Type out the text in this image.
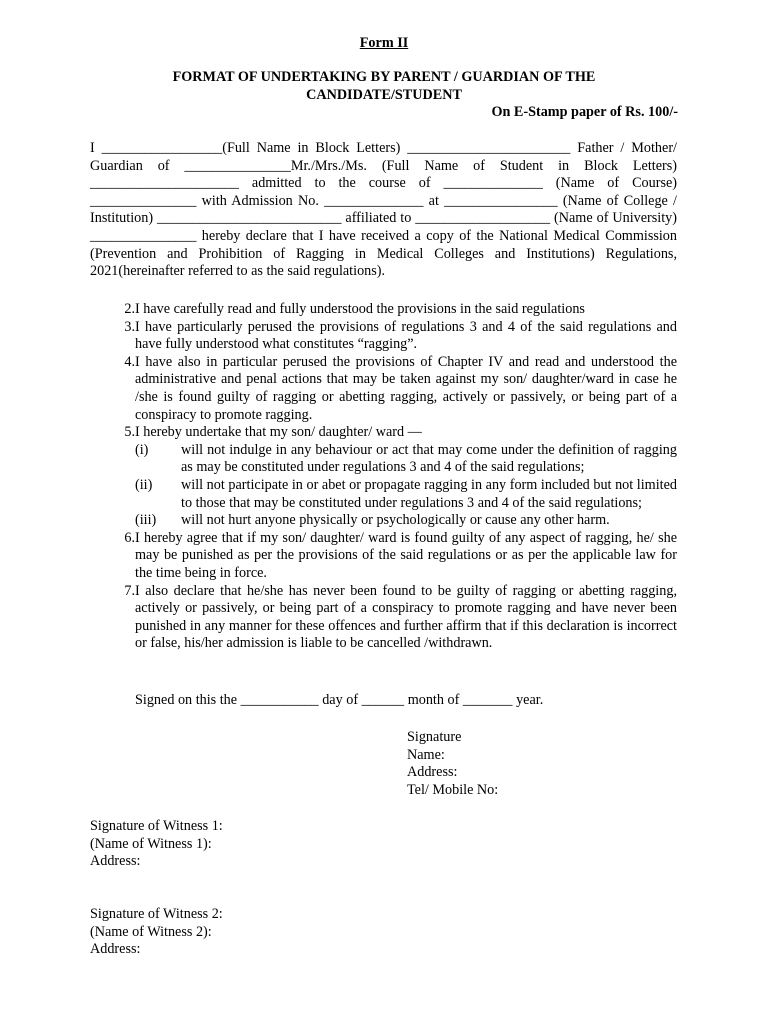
Form II
FORMAT OF UNDERTAKING BY PARENT / GUARDIAN OF THE
CANDIDATE/STUDENT
On E-Stamp paper of Rs. 100/-
I _________________(Full Name in Block Letters) _______________________ Father / Mother/ Guardian of _______________Mr./Mrs./Ms. (Full Name of Student in Block Letters) _____________________ admitted to the course of ______________ (Name of Course) _______________ with Admission No. ______________ at ________________ (Name of College / Institution) __________________________ affiliated to ___________________ (Name of University) _______________ hereby declare that I have received a copy of the National Medical Commission (Prevention and Prohibition of Ragging in Medical Colleges and Institutions) Regulations, 2021(hereinafter referred to as the said regulations).
2. I have carefully read and fully understood the provisions in the said regulations
3. I have particularly perused the provisions of regulations 3 and 4 of the said regulations and have fully understood what constitutes “ragging”.
4. I have also in particular perused the provisions of Chapter IV and read and understood the administrative and penal actions that may be taken against my son/ daughter/ward in case he /she is found guilty of ragging or abetting ragging, actively or passively, or being part of a conspiracy to promote ragging.
5. I hereby undertake that my son/ daughter/ ward —
(i)	will not indulge in any behaviour or act that may come under the definition of ragging as may be constituted under regulations 3 and 4 of the said regulations;
(ii)	will not participate in or abet or propagate ragging in any form included but not limited to those that may be constituted under regulations 3 and 4 of the said regulations;
(iii)	will not hurt anyone physically or psychologically or cause any other harm.
6. I hereby agree that if my son/ daughter/ ward is found guilty of any aspect of ragging, he/ she may be punished as per the provisions of the said regulations or as per the applicable law for the time being in force.
7. I also declare that he/she has never been found to be guilty of ragging or abetting ragging, actively or passively, or being part of a conspiracy to promote ragging and have never been punished in any manner for these offences and further affirm that if this declaration is incorrect or false, his/her admission is liable to be cancelled /withdrawn.
Signed on this the ___________ day of ______ month of _______ year.
Signature
Name:
Address:
Tel/ Mobile No:
Signature of Witness 1:
(Name of Witness 1):
Address:
Signature of Witness 2:
(Name of Witness 2):
Address:
